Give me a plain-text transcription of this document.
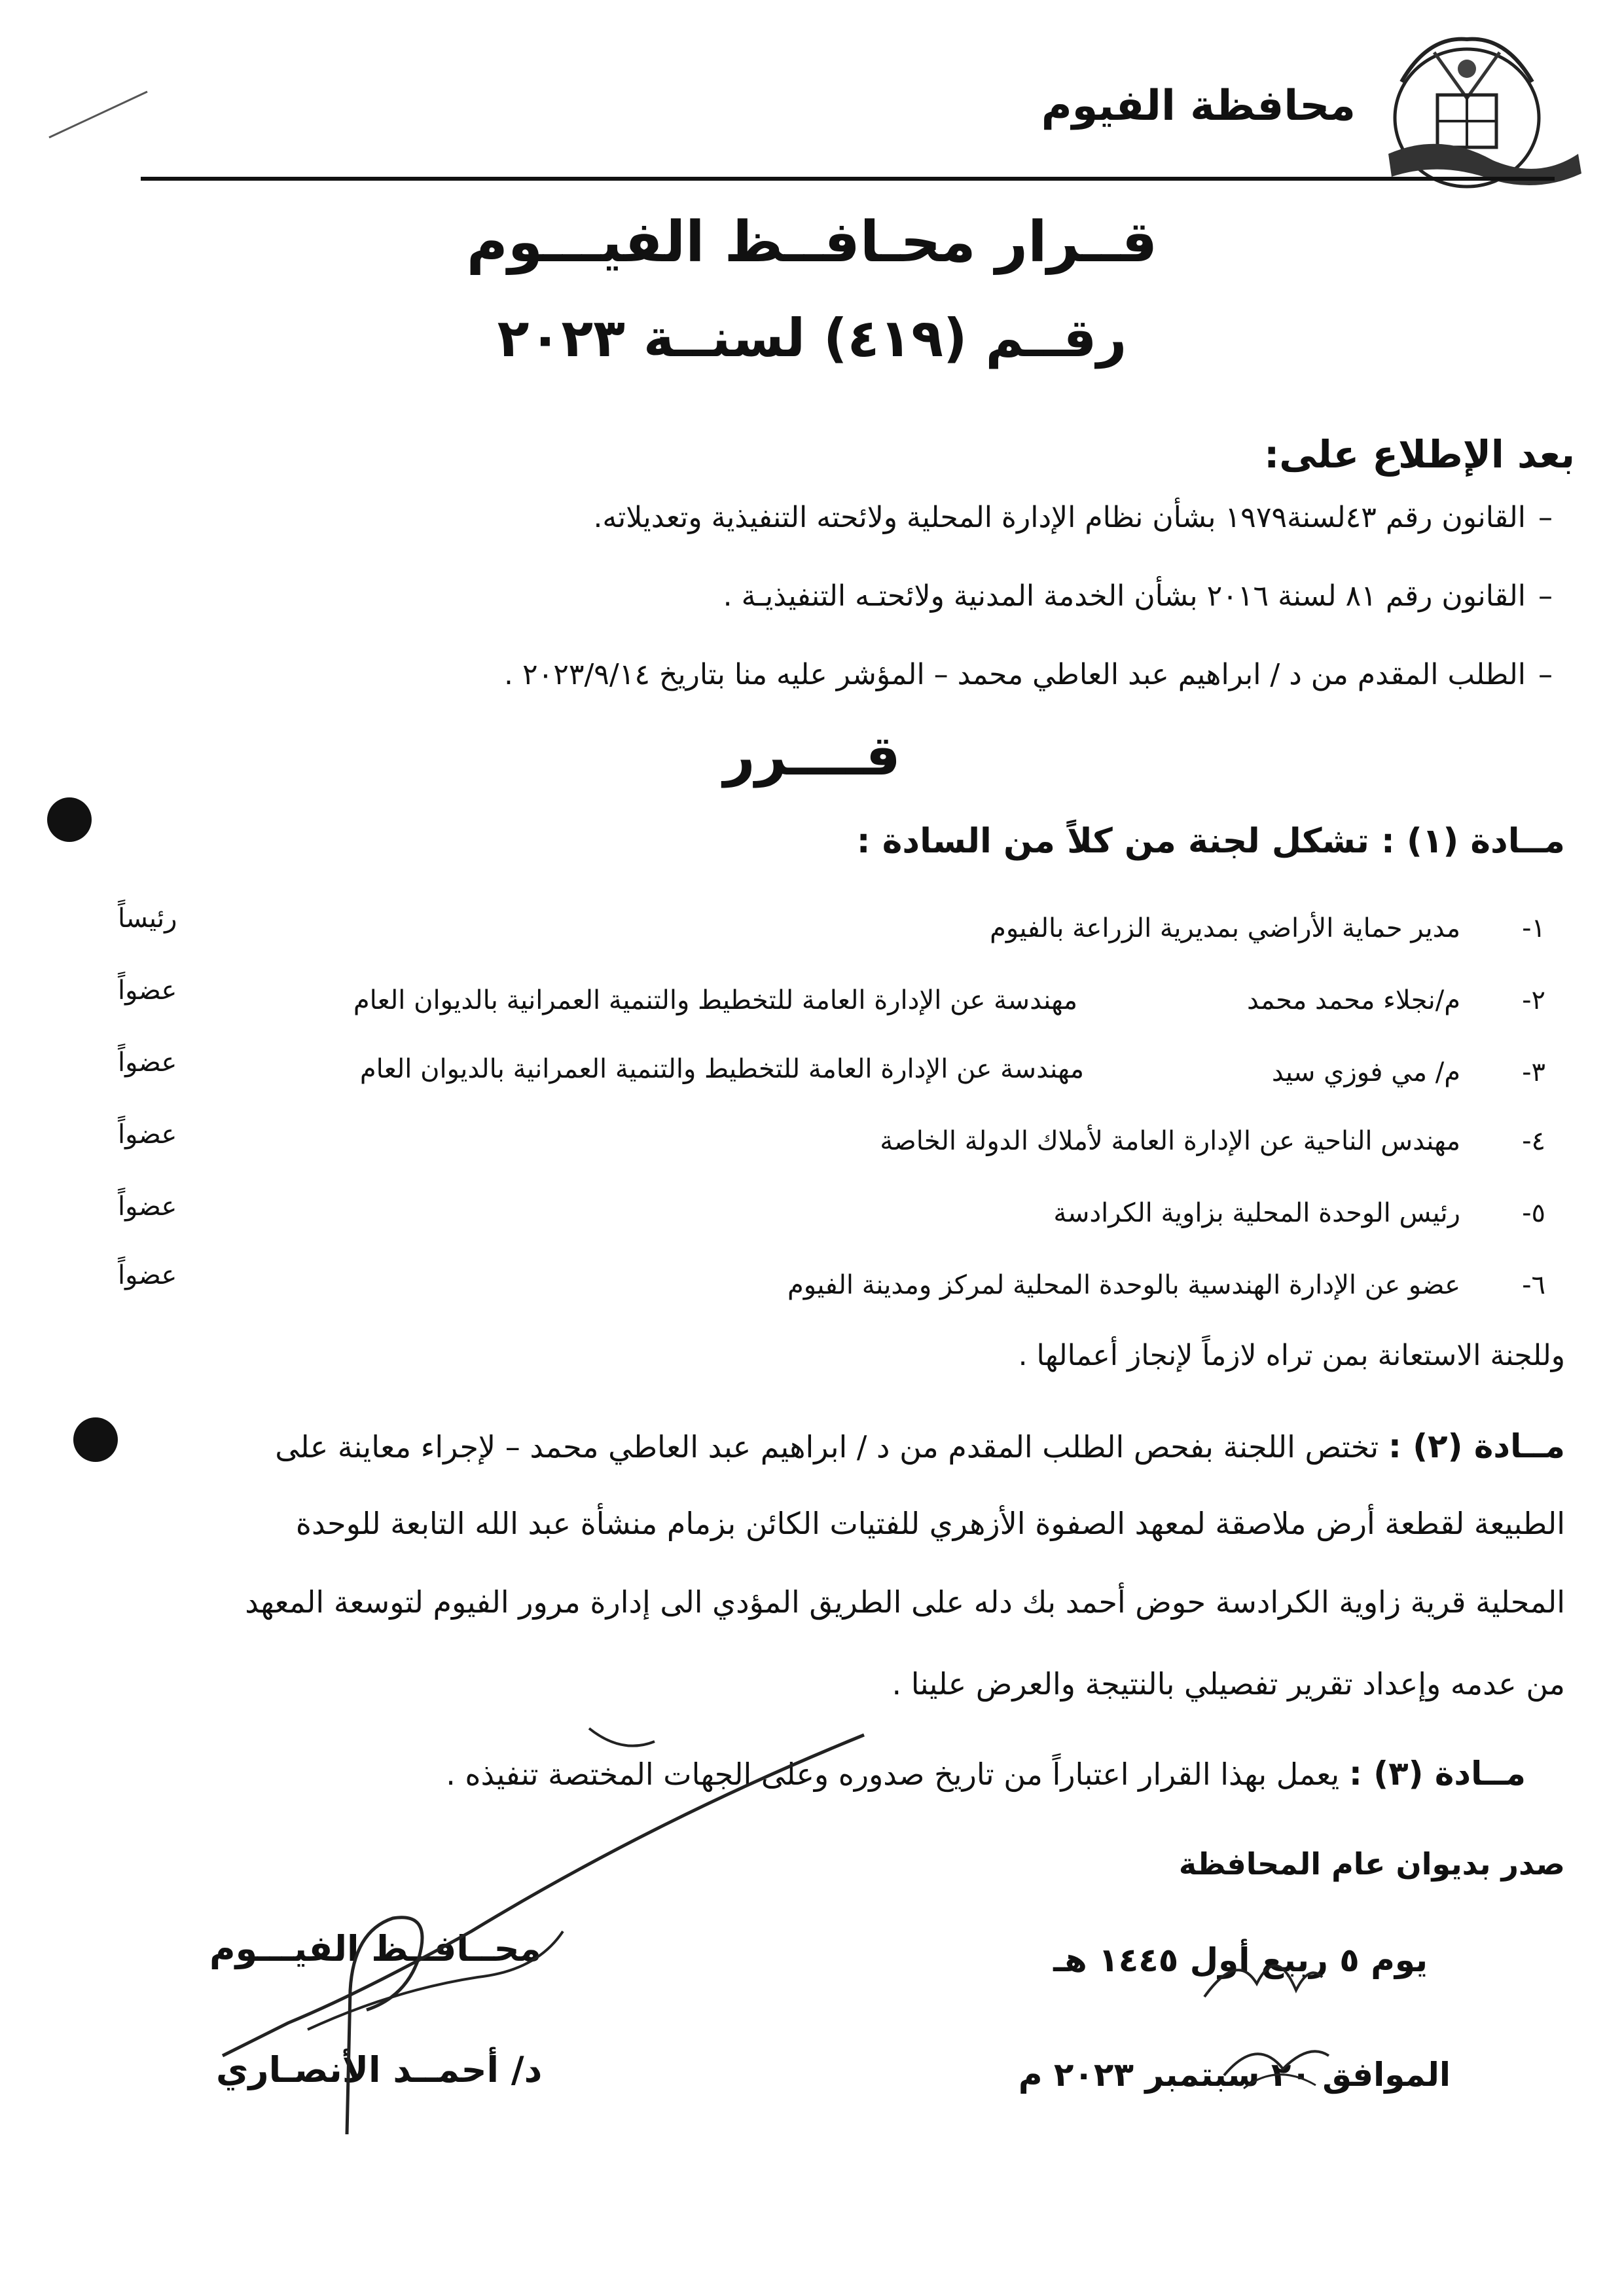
محافظة الفيوم
قــرار محـافــظ الفيـــوم
رقــم (٤١٩) لسنــة ٢٠٢٣
بعد الإطلاع على:
–القانون رقم ٤٣لسنة١٩٧٩ بشأن نظام الإدارة المحلية ولائحته التنفيذية وتعديلاته.
–القانون رقم ٨١ لسنة ٢٠١٦ بشأن الخدمة المدنية ولائحتـه التنفيذيـة .
–الطلب المقدم من د / ابراهيم عبد العاطي محمد – المؤشر عليه منا بتاريخ ٢٠٢٣/٩/١٤ .
قــــرر
مــادة (١) : تشكل لجنة من كلاً من السادة :
١-مدير حماية الأراضي بمديرية الزراعة بالفيوم
رئيساً
٢-م/نجلاء محمد محمد
مهندسة عن الإدارة العامة للتخطيط والتنمية العمرانية بالديوان العام
عضواً
٣-م/ مي فوزي سيد
مهندسة عن الإدارة العامة للتخطيط والتنمية العمرانية بالديوان العام
عضواً
٤-مهندس الناحية عن الإدارة العامة لأملاك الدولة الخاصة
عضواً
٥-رئيس الوحدة المحلية بزاوية الكرادسة
عضواً
٦-عضو عن الإدارة الهندسية بالوحدة المحلية لمركز ومدينة الفيوم
عضواً
وللجنة الاستعانة بمن تراه لازماً لإنجاز أعمالها .
مــادة (٢) : تختص اللجنة بفحص الطلب المقدم من د / ابراهيم عبد العاطي محمد – لإجراء معاينة على
الطبيعة لقطعة أرض ملاصقة لمعهد الصفوة الأزهري للفتيات الكائن بزمام منشأة عبد الله التابعة للوحدة
المحلية قرية زاوية الكرادسة حوض أحمد بك دله على الطريق المؤدي الى إدارة مرور الفيوم لتوسعة المعهد
من عدمه وإعداد تقرير تفصيلي بالنتيجة والعرض علينا .
مــادة (٣) : يعمل بهذا القرار اعتباراً من تاريخ صدوره وعلى الجهات المختصة تنفيذه .
صدر بديوان عام المحافظة
يوم ٥ ربيع أول ١٤٤٥ هـ
الموافق ٢٠ سبتمبر ٢٠٢٣ م
محــافــظ الفيـــوم
د/ أحمــد الأنصـاري
